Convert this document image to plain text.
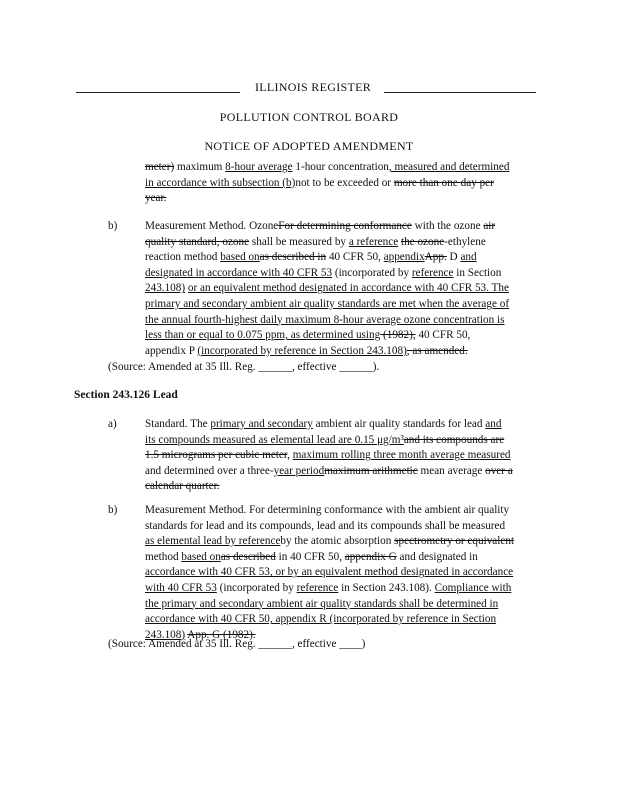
ILLINOIS REGISTER
POLLUTION CONTROL BOARD
NOTICE OF ADOPTED AMENDMENT
meter) maximum 8-hour average 1-hour concentration, measured and determined
in accordance with subsection (b)not to be exceeded or more than one day per
year.
b) Measurement Method. OzoneFor determining conformance with the ozone air
quality standard, ozone shall be measured by a reference the ozone-ethylene
reaction method based onas described in 40 CFR 50, appendixApp. D and
designated in accordance with 40 CFR 53 (incorporated by reference in Section
243.108) or an equivalent method designated in accordance with 40 CFR 53. The
primary and secondary ambient air quality standards are met when the average of
the annual fourth-highest daily maximum 8-hour average ozone concentration is
less than or equal to 0.075 ppm, as determined using (1982), 40 CFR 50,
appendix P (incorporated by reference in Section 243.108), as amended.
(Source: Amended at 35 Ill. Reg. ______, effective ______).
Section 243.126 Lead
a)	Standard. The primary and secondary ambient air quality standards for lead and
its compounds measured as elemental lead are 0.15 μg/m³and its compounds are
1.5 micrograms per cubic meter, maximum rolling three month average measured
and determined over a three-year periodmaximum arithmetic mean average over a
calendar quarter.
b) Measurement Method. For determining conformance with the ambient air quality
standards for lead and its compounds, lead and its compounds shall be measured
as elemental lead by referenceby the atomic absorption spectrometry or equivalent
method based onas described in 40 CFR 50, appendix G and designated in
accordance with 40 CFR 53, or by an equivalent method designated in accordance
with 40 CFR 53 (incorporated by reference in Section 243.108). Compliance with
the primary and secondary ambient air quality standards shall be determined in
accordance with 40 CFR 50, appendix R (incorporated by reference in Section
243.108) App. G (1982).
(Source: Amended at 35 Ill. Reg. ______, effective ____)
